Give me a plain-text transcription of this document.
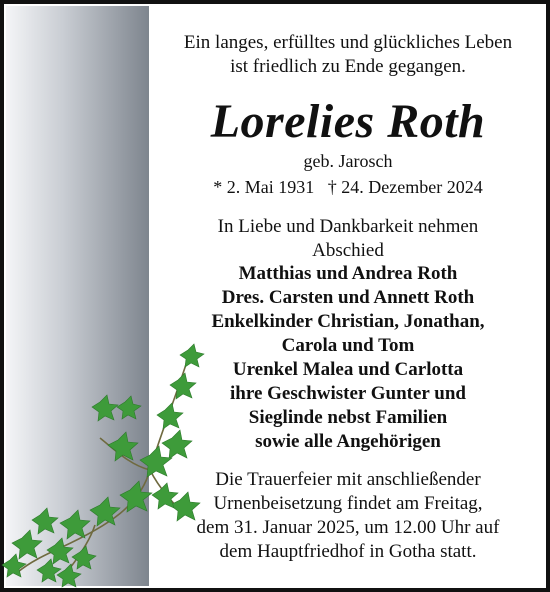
Ein langes, erfülltes und glückliches Leben
ist friedlich zu Ende gegangen.
Lorelies Roth
geb. Jarosch
* 2. Mai 1931   † 24. Dezember 2024
In Liebe und Dankbarkeit nehmen
Abschied
Matthias und Andrea Roth
Dres. Carsten und Annett Roth
Enkelkinder Christian, Jonathan,
Carola und Tom
Urenkel Malea und Carlotta
ihre Geschwister Gunter und
Sieglinde nebst Familien
sowie alle Angehörigen
Die Trauerfeier mit anschließender
Urnenbeisetzung findet am Freitag,
dem 31. Januar 2025, um 12.00 Uhr auf
dem Hauptfriedhof in Gotha statt.
